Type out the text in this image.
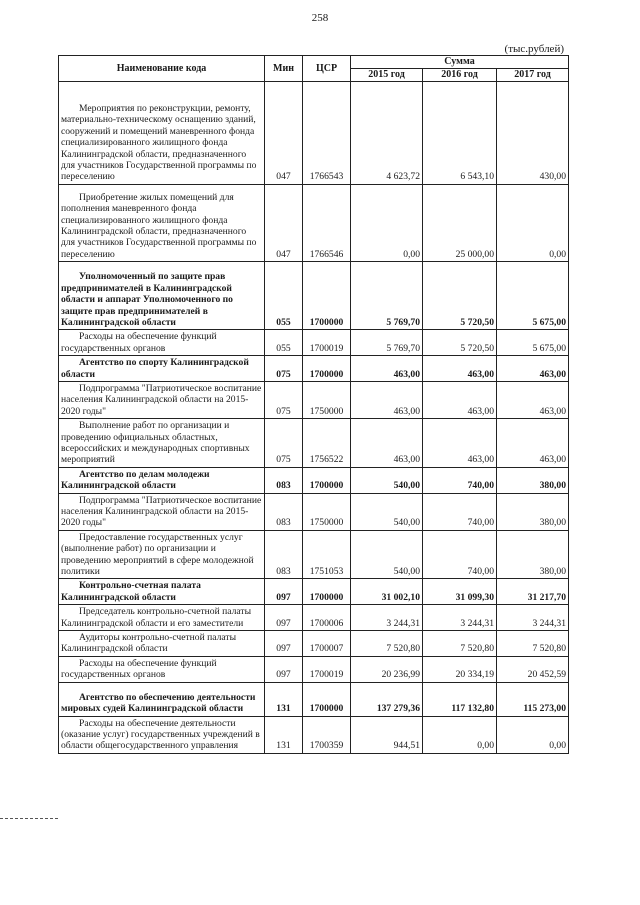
258
(тыс.рублей)
Наименование кода	Мин	ЦСР	Сумма		
			2015 год	2016 год	2017 год

Мероприятия по реконструкции, ремонту, материально-техническому оснащению зданий, сооружений и помещений маневренного фонда специализированного жилищного фонда Калининградской области, предназначенного для участников Государственной программы по переселению	047	1766543	4 623,72	6 543,10	430,00

Приобретение жилых помещений для пополнения маневренного фонда специализированного жилищного фонда Калининградской области, предназначенного для участников Государственной программы по переселению	047	1766546	0,00	25 000,00	0,00

Уполномоченный по защите прав предпринимателей в Калининградской области и аппарат Уполномоченного по защите прав предпринимателей в Калининградской области	055	1700000	5 769,70	5 720,50	5 675,00

Расходы на обеспечение функций государственных органов	055	1700019	5 769,70	5 720,50	5 675,00

Агентство по спорту Калининградской области	075	1700000	463,00	463,00	463,00

Подпрограмма "Патриотическое воспитание населения Калининградской области на 2015-2020 годы"	075	1750000	463,00	463,00	463,00

Выполнение работ по организации и проведению официальных областных, всероссийских и международных спортивных мероприятий	075	1756522	463,00	463,00	463,00

Агентство по делам молодежи Калининградской области	083	1700000	540,00	740,00	380,00

Подпрограмма "Патриотическое воспитание населения Калининградской области на 2015-2020 годы"	083	1750000	540,00	740,00	380,00

Предоставление государственных услуг (выполнение работ) по организации и проведению мероприятий в сфере молодежной политики	083	1751053	540,00	740,00	380,00

Контрольно-счетная палата Калининградской области	097	1700000	31 002,10	31 099,30	31 217,70

Председатель контрольно-счетной палаты Калининградской области и его заместители	097	1700006	3 244,31	3 244,31	3 244,31

Аудиторы контрольно-счетной палаты Калининградской области	097	1700007	7 520,80	7 520,80	7 520,80

Расходы на обеспечение функций государственных органов	097	1700019	20 236,99	20 334,19	20 452,59

Агентство по обеспечению деятельности мировых судей Калининградской области	131	1700000	137 279,36	117 132,80	115 273,00

Расходы на обеспечение деятельности (оказание услуг) государственных учреждений в области общегосударственного управления	131	1700359	944,51	0,00	0,00
